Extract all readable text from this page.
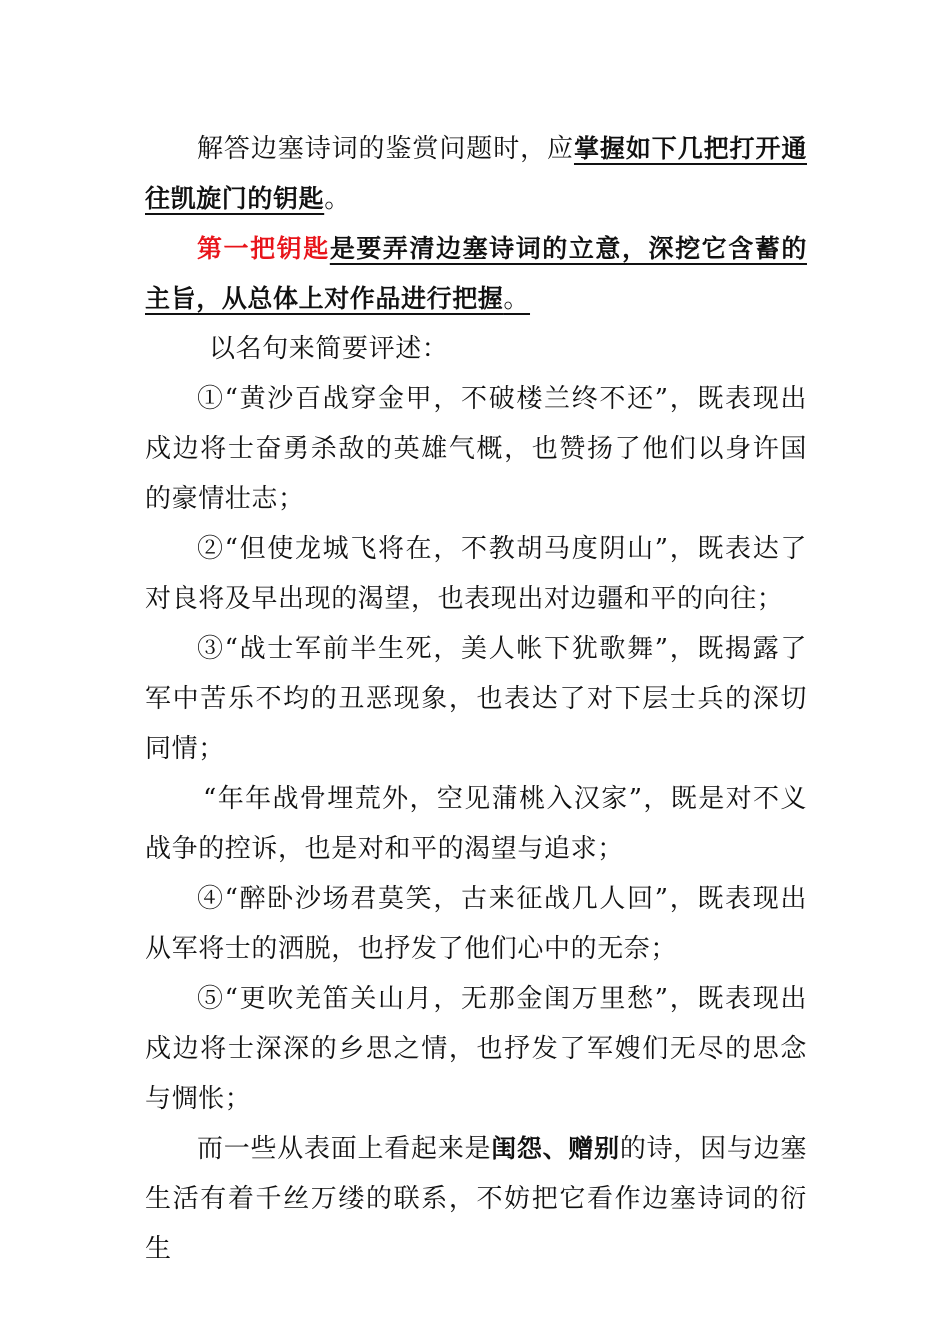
解答边塞诗词的鉴赏问题时，应掌握如下几把打开通往凯旋门的钥匙。

第一把钥匙是要弄清边塞诗词的立意，深挖它含蓄的主旨，从总体上对作品进行把握。

以名句来简要评述：

①“黄沙百战穿金甲，不破楼兰终不还”，既表现出戍边将士奋勇杀敌的英雄气概，也赞扬了他们以身许国的豪情壮志；

②“但使龙城飞将在，不教胡马度阴山”，既表达了对良将及早出现的渴望，也表现出对边疆和平的向往；

③“战士军前半生死，美人帐下犹歌舞”，既揭露了军中苦乐不均的丑恶现象，也表达了对下层士兵的深切同情；

“年年战骨埋荒外，空见蒲桃入汉家”，既是对不义战争的控诉，也是对和平的渴望与追求；

④“醉卧沙场君莫笑，古来征战几人回”，既表现出从军将士的洒脱，也抒发了他们心中的无奈；

⑤“更吹羌笛关山月，无那金闺万里愁”，既表现出戍边将士深深的乡思之情，也抒发了军嫂们无尽的思念与惆怅；

而一些从表面上看起来是闺怨、赠别的诗，因与边塞生活有着千丝万缕的联系，不妨把它看作边塞诗词的衍生
